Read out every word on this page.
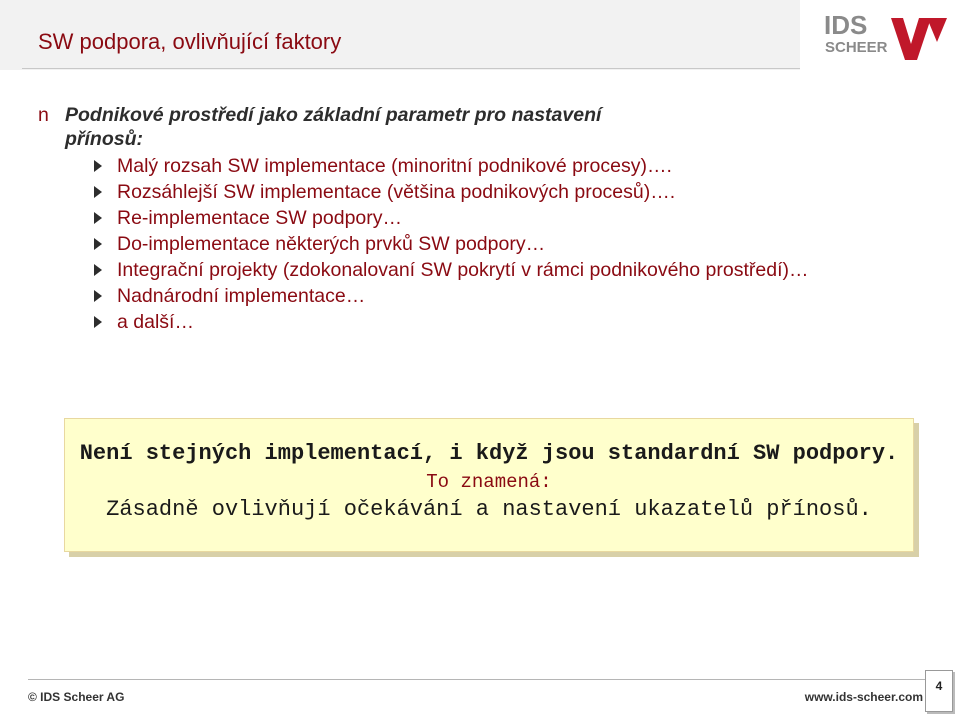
SW podpora, ovlivňující faktory
IDS
SCHEER
n Podnikové prostředí jako základní parametr pro nastavení přínosů:
Malý rozsah SW implementace (minoritní podnikové procesy)….
Rozsáhlejší SW implementace (většina podnikových procesů)….
Re-implementace SW podpory…
Do-implementace některých prvků SW podpory…
Integrační projekty (zdokonalovaní SW pokrytí v rámci podnikového prostředí)…
Nadnárodní implementace…
a další…
Není stejných implementací, i když jsou standardní SW podpory.
To znamená:
Zásadně ovlivňují očekávání a nastavení ukazatelů přínosů.
© IDS Scheer AG	www.ids-scheer.com
4
